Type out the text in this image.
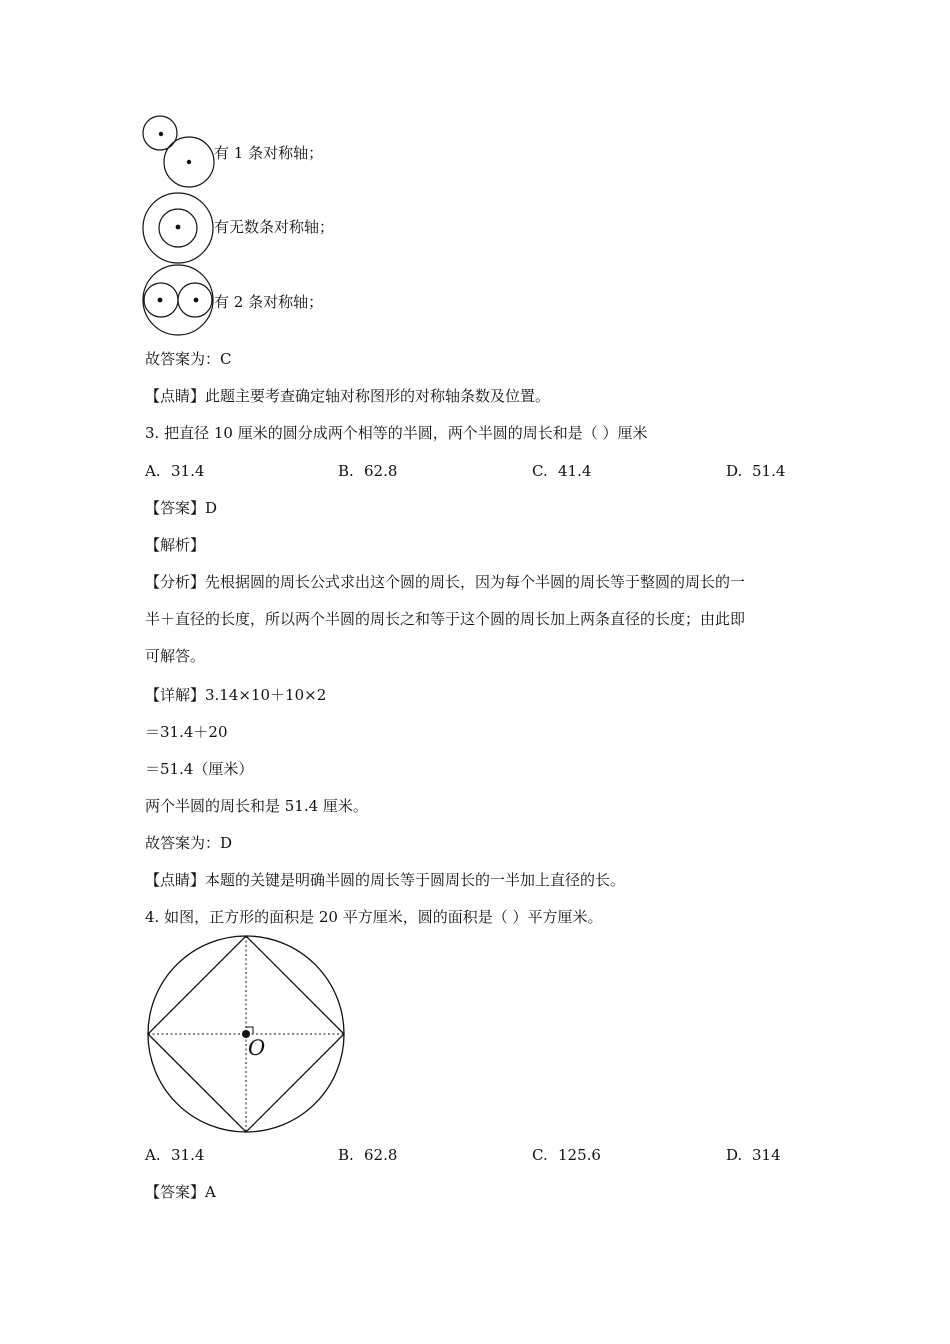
有 1 条对称轴；
有无数条对称轴；
有 2 条对称轴；
故答案为：C
【点睛】此题主要考查确定轴对称图形的对称轴条数及位置。
3. 把直径 10 厘米的圆分成两个相等的半圆，两个半圆的周长和是（ ）厘米
A. 31.4	B. 62.8	C. 41.4	D. 51.4
【答案】D
【解析】
【分析】先根据圆的周长公式求出这个圆的周长，因为每个半圆的周长等于整圆的周长的一
半＋直径的长度，所以两个半圆的周长之和等于这个圆的周长加上两条直径的长度；由此即
可解答。
【详解】3.14×10＋10×2
＝31.4＋20
＝51.4（厘米）
两个半圆的周长和是 51.4 厘米。
故答案为：D
【点睛】本题的关键是明确半圆的周长等于圆周长的一半加上直径的长。
4. 如图，正方形的面积是 20 平方厘米，圆的面积是（ ）平方厘米。
O
A. 31.4	B. 62.8	C. 125.6	D. 314
【答案】A
